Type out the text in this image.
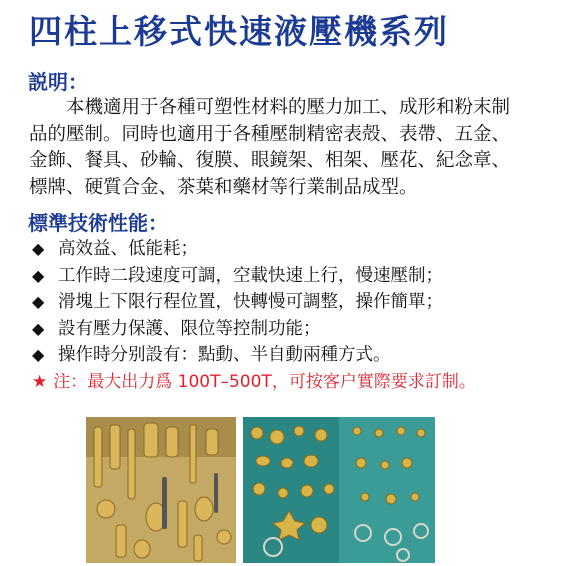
四柱上移式快速液壓機系列
説明：

本機適用于各種可塑性材料的壓力加工、成形和粉末制
品的壓制。同時也適用于各種壓制精密表殻、表帶、五金、
金飾、餐具、砂輪、復膜、眼鏡架、相架、壓花、紀念章、
標牌、硬質合金、茶葉和藥材等行業制品成型。

標準技術性能：
◆ 高效益、低能耗；
◆ 工作時二段速度可調，空載快速上行，慢速壓制；
◆ 滑塊上下限行程位置，快轉慢可調整，操作簡單；
◆ 設有壓力保護、限位等控制功能；
◆ 操作時分别設有：點動、半自動兩種方式。

★ 注：最大出力爲 100T–500T，可按客户實際要求訂制。
